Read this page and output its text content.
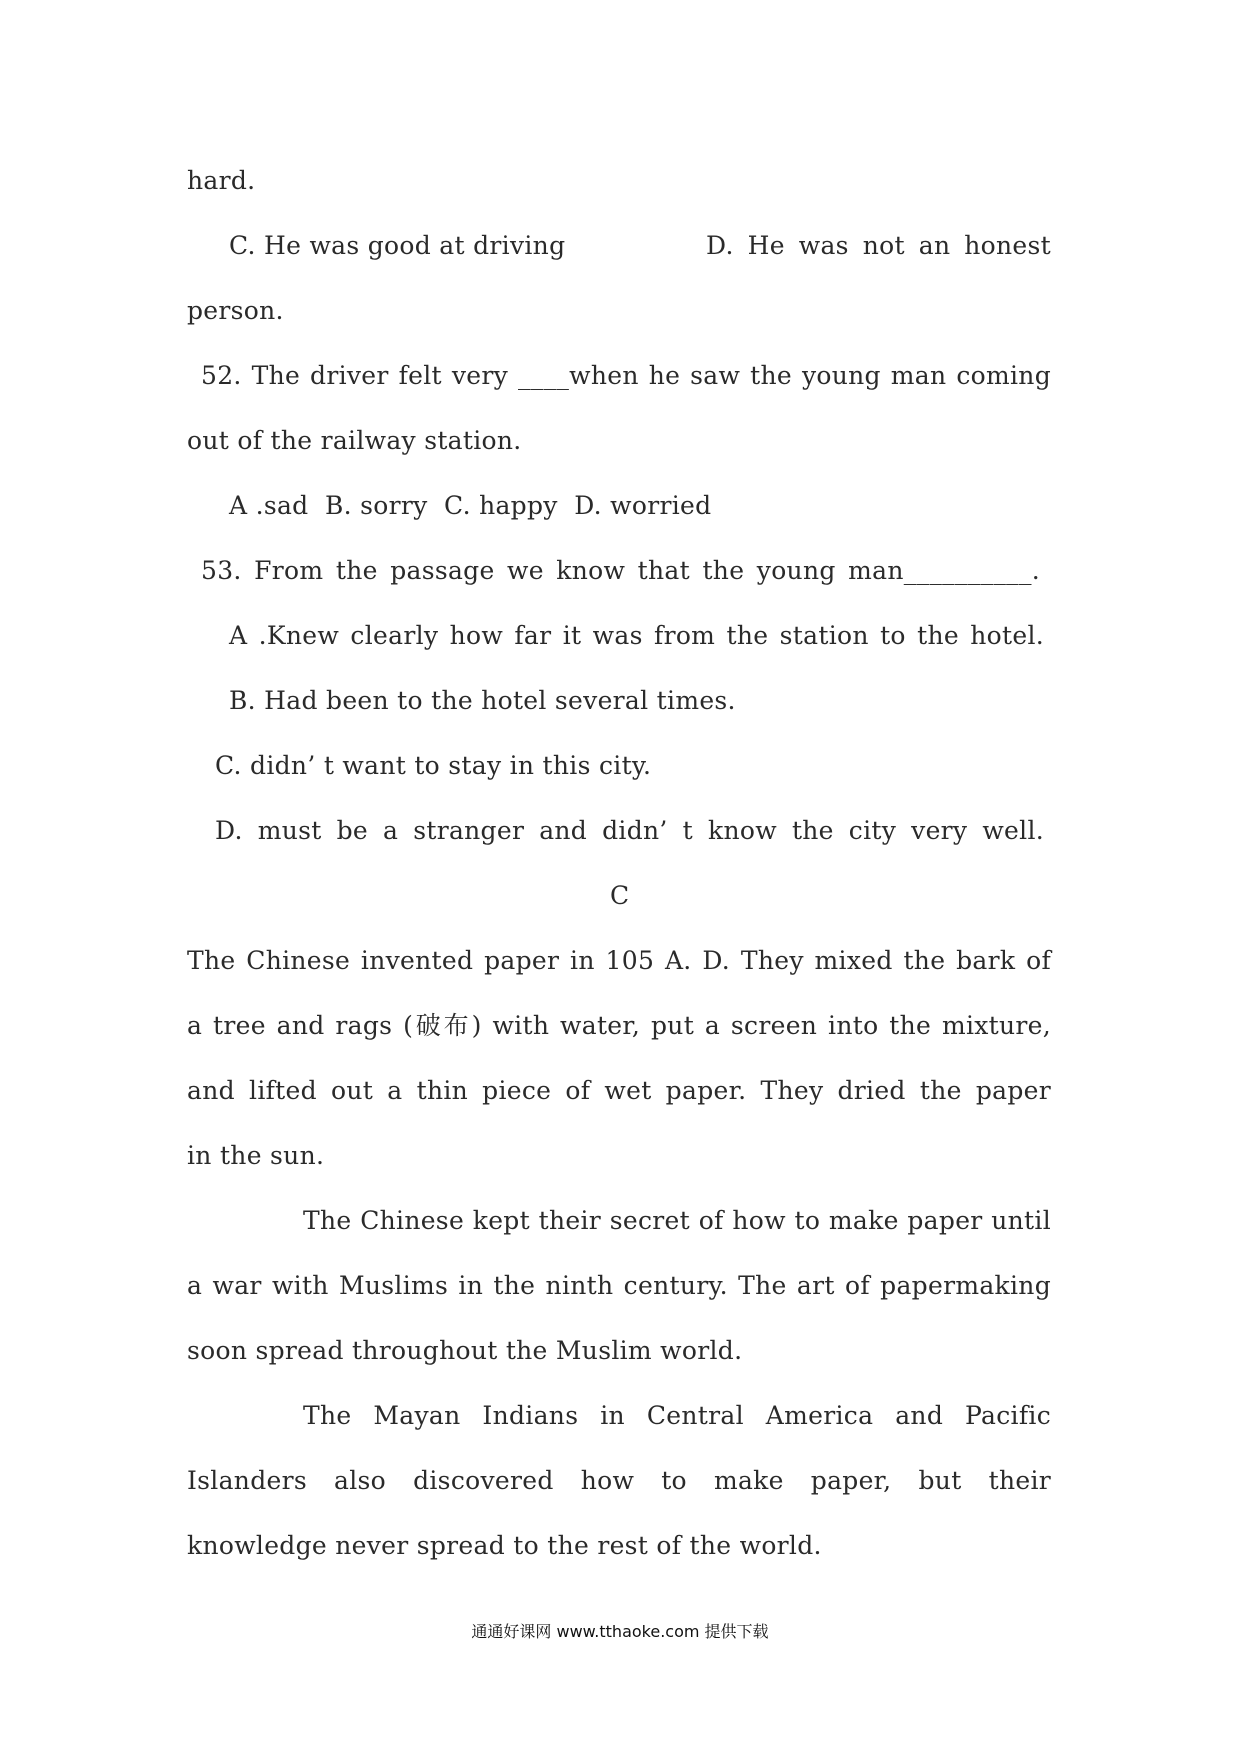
hard.
C. He was good at driving	D. He was not an honest
person.
52. The driver felt very ____when he saw the young man coming
out of the railway station.
A .sad  B. sorry  C. happy  D. worried
53. From the passage we know that the young man__________.
A .Knew clearly how far it was from the station to the hotel.
B. Had been to the hotel several times.
C. didn’ t want to stay in this city.
D. must be a stranger and didn’ t know the city very well.
C
The Chinese invented paper in 105 A. D. They mixed the bark of
a tree and rags (破布) with water, put a screen into the mixture,
and lifted out a thin piece of wet paper. They dried the paper
in the sun.
The Chinese kept their secret of how to make paper until
a war with Muslims in the ninth century. The art of papermaking
soon spread throughout the Muslim world.
The Mayan Indians in Central America and Pacific
Islanders also discovered how to make paper, but their
knowledge never spread to the rest of the world.
通通好课网 www.tthaoke.com 提供下载
